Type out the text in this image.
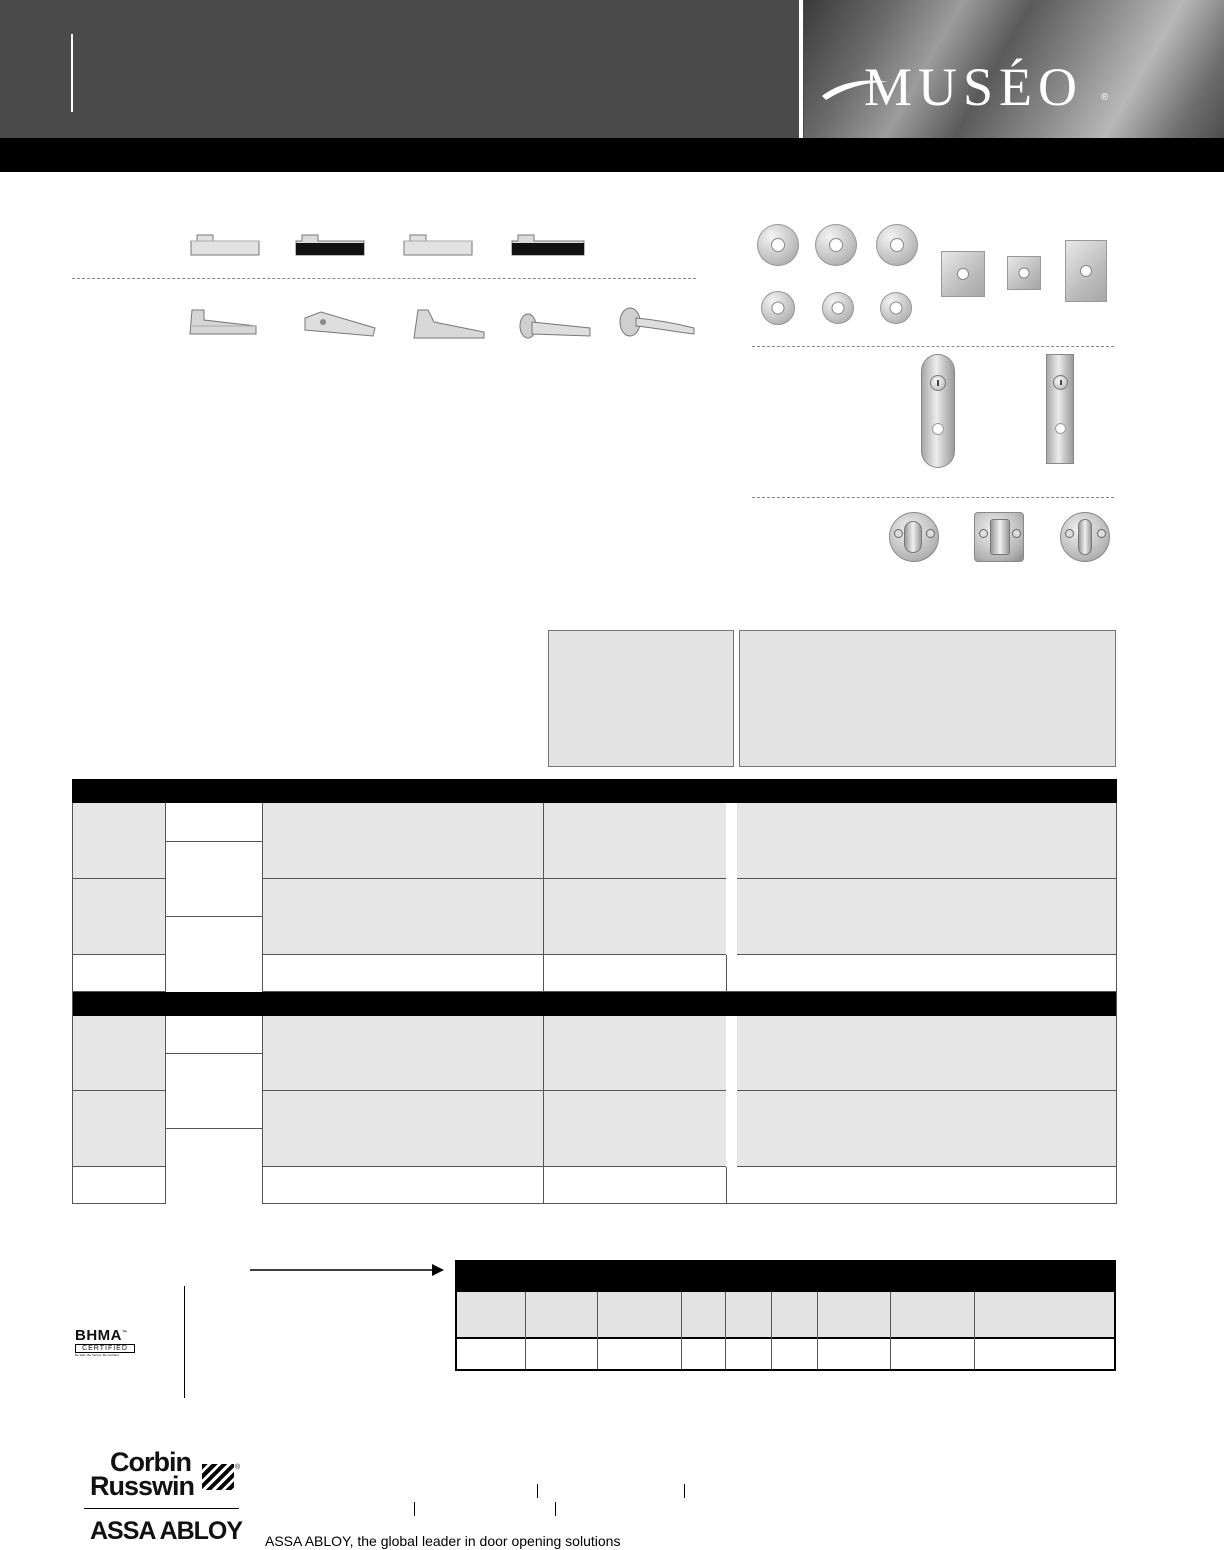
MUSÉO ®
BHMA™
CERTIFIED
Be Safe. Be Secure. Be Certified.
Corbin
Russwin
®
ASSA ABLOY ASSA ABLOY, the global leader in door opening solutions
